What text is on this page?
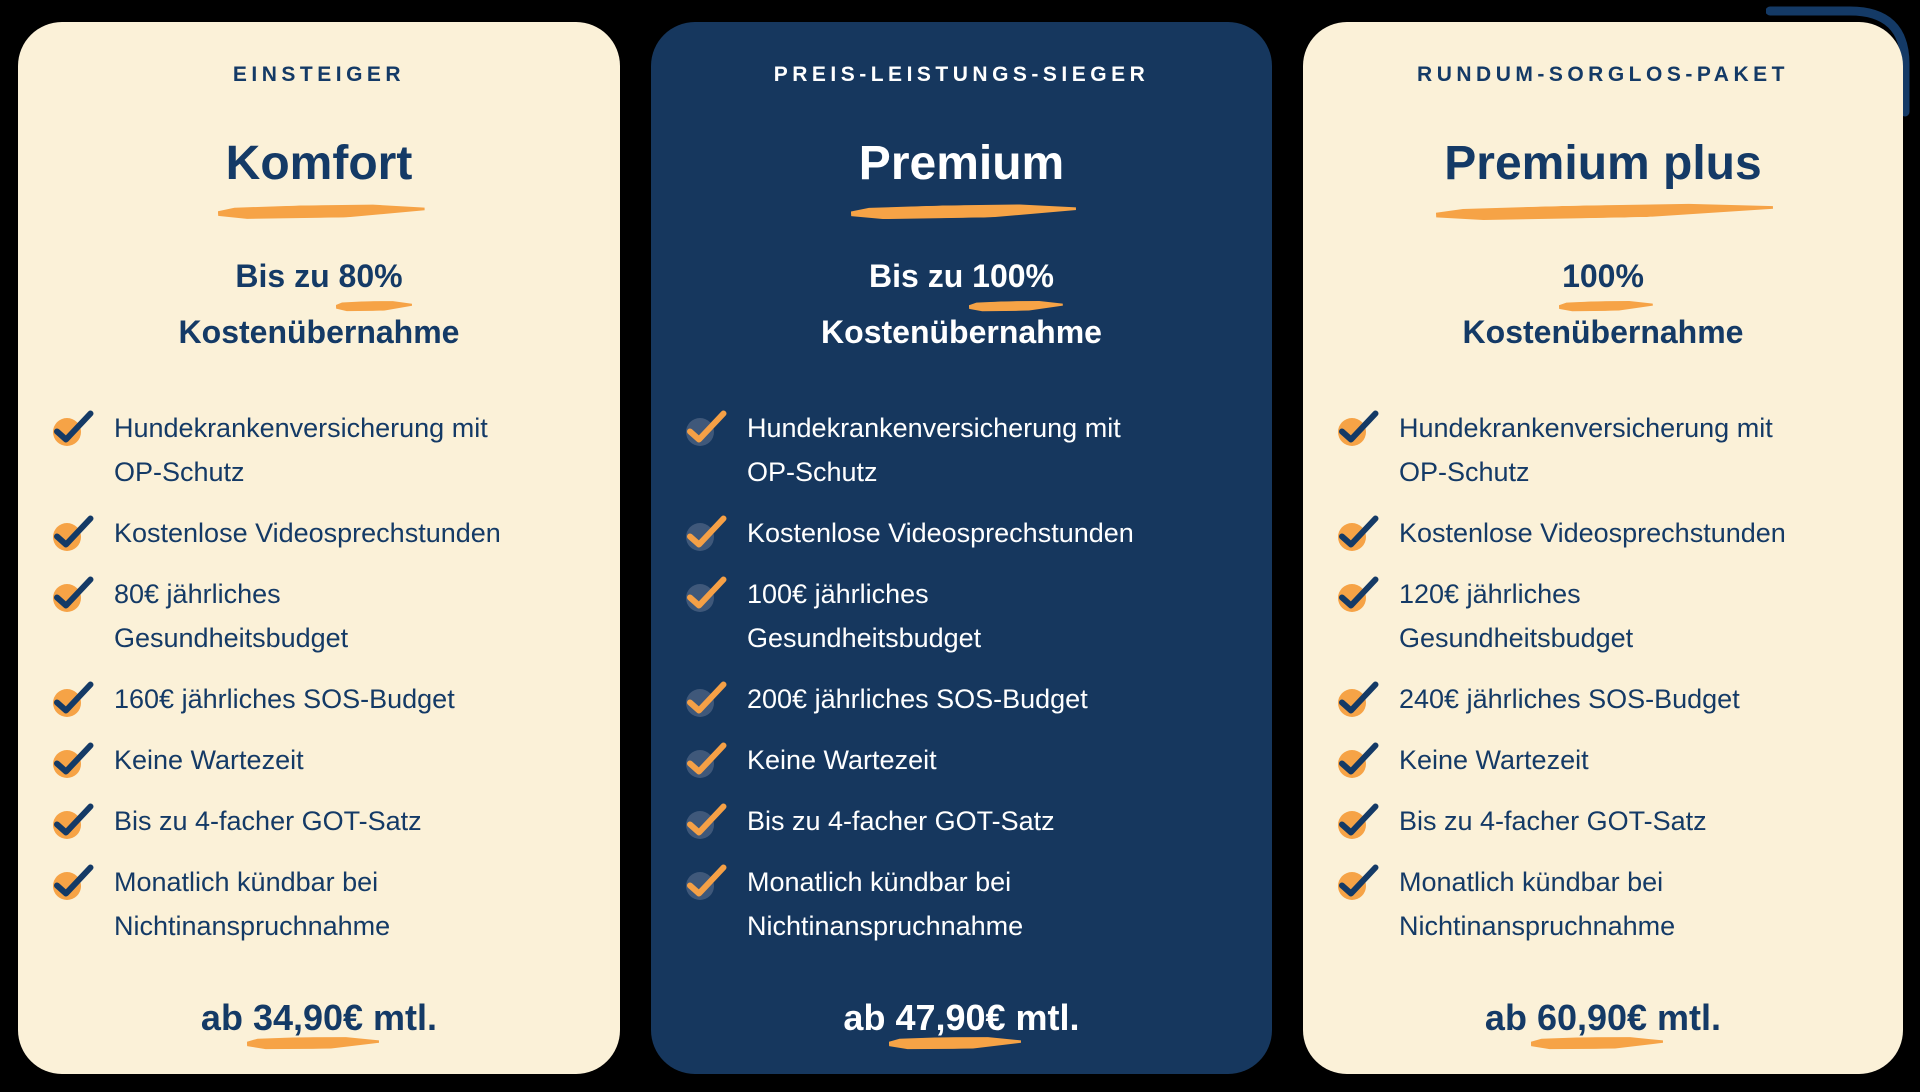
EINSTEIGER
Komfort
Bis zu 80%
Kostenübernahme
Hundekrankenversicherung mit
OP-Schutz
Kostenlose Videosprechstunden
80€ jährliches
Gesundheitsbudget
160€ jährliches SOS-Budget
Keine Wartezeit
Bis zu 4-facher GOT-Satz
Monatlich kündbar bei
Nichtinanspruchnahme
ab 34,90€
mtl.
PREIS-LEISTUNGS-SIEGER
Premium
Bis zu 100%
Kostenübernahme
Hundekrankenversicherung mit
OP-Schutz
Kostenlose Videosprechstunden
100€ jährliches
Gesundheitsbudget
200€ jährliches SOS-Budget
Keine Wartezeit
Bis zu 4-facher GOT-Satz
Monatlich kündbar bei
Nichtinanspruchnahme
ab 47,90€
mtl.
RUNDUM-SORGLOS-PAKET
Premium plus
100%
Kostenübernahme
Hundekrankenversicherung mit
OP-Schutz
Kostenlose Videosprechstunden
120€ jährliches
Gesundheitsbudget
240€ jährliches SOS-Budget
Keine Wartezeit
Bis zu 4-facher GOT-Satz
Monatlich kündbar bei
Nichtinanspruchnahme
ab 60,90€
mtl.
